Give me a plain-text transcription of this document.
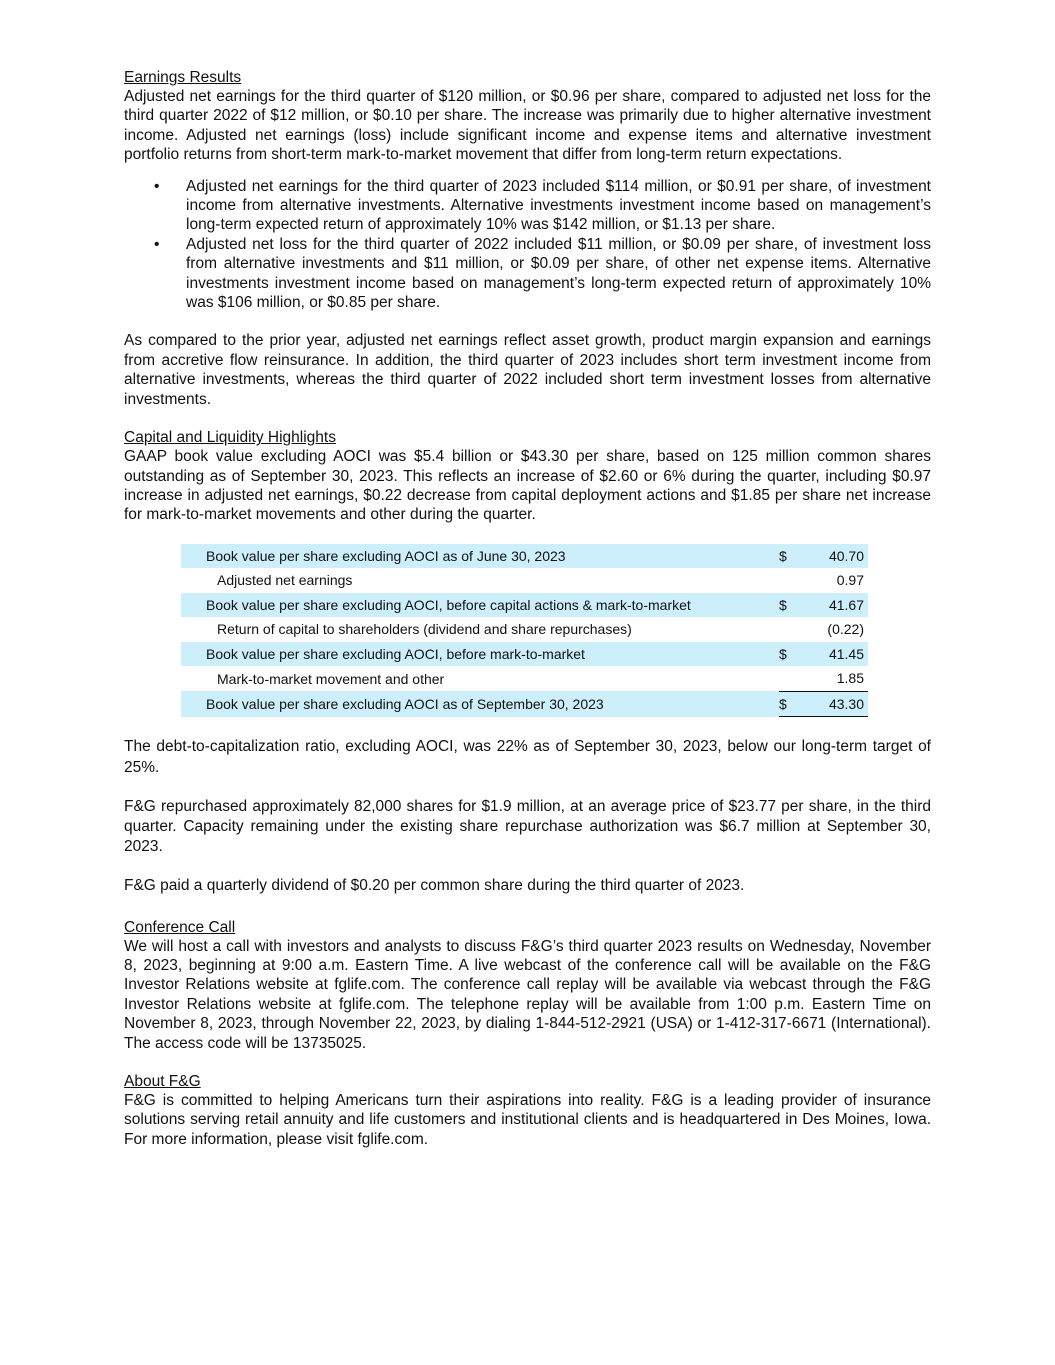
Earnings Results

Adjusted net earnings for the third quarter of $120 million, or $0.96 per share, compared to adjusted net loss for the third quarter 2022 of $12 million, or $0.10 per share. The increase was primarily due to higher alternative investment income. Adjusted net earnings (loss) include significant income and expense items and alternative investment portfolio returns from short-term mark-to-market movement that differ from long-term return expectations.

• Adjusted net earnings for the third quarter of 2023 included $114 million, or $0.91 per share, of investment income from alternative investments. Alternative investments investment income based on management’s long-term expected return of approximately 10% was $142 million, or $1.13 per share.
• Adjusted net loss for the third quarter of 2022 included $11 million, or $0.09 per share, of investment loss from alternative investments and $11 million, or $0.09 per share, of other net expense items. Alternative investments investment income based on management’s long-term expected return of approximately 10% was $106 million, or $0.85 per share.

As compared to the prior year, adjusted net earnings reflect asset growth, product margin expansion and earnings from accretive flow reinsurance. In addition, the third quarter of 2023 includes short term investment income from alternative investments, whereas the third quarter of 2022 included short term investment losses from alternative investments.

Capital and Liquidity Highlights

GAAP book value excluding AOCI was $5.4 billion or $43.30 per share, based on 125 million common shares outstanding as of September 30, 2023. This reflects an increase of $2.60 or 6% during the quarter, including $0.97 increase in adjusted net earnings, $0.22 decrease from capital deployment actions and $1.85 per share net increase for mark-to-market movements and other during the quarter.

Book value per share excluding AOCI as of June 30, 2023	$	40.70
Adjusted net earnings		0.97
Book value per share excluding AOCI, before capital actions & mark-to-market	$	41.67
Return of capital to shareholders (dividend and share repurchases)		(0.22)
Book value per share excluding AOCI, before mark-to-market	$	41.45
Mark-to-market movement and other		1.85
Book value per share excluding AOCI as of September 30, 2023	$	43.30

The debt-to-capitalization ratio, excluding AOCI, was 22% as of September 30, 2023, below our long-term target of 25%.

F&G repurchased approximately 82,000 shares for $1.9 million, at an average price of $23.77 per share, in the third quarter. Capacity remaining under the existing share repurchase authorization was $6.7 million at September 30, 2023.

F&G paid a quarterly dividend of $0.20 per common share during the third quarter of 2023.

Conference Call

We will host a call with investors and analysts to discuss F&G’s third quarter 2023 results on Wednesday, November 8, 2023, beginning at 9:00 a.m. Eastern Time. A live webcast of the conference call will be available on the F&G Investor Relations website at fglife.com. The conference call replay will be available via webcast through the F&G Investor Relations website at fglife.com. The telephone replay will be available from 1:00 p.m. Eastern Time on November 8, 2023, through November 22, 2023, by dialing 1-844-512-2921 (USA) or 1-412-317-6671 (International). The access code will be 13735025.

About F&G

F&G is committed to helping Americans turn their aspirations into reality. F&G is a leading provider of insurance solutions serving retail annuity and life customers and institutional clients and is headquartered in Des Moines, Iowa. For more information, please visit fglife.com.
